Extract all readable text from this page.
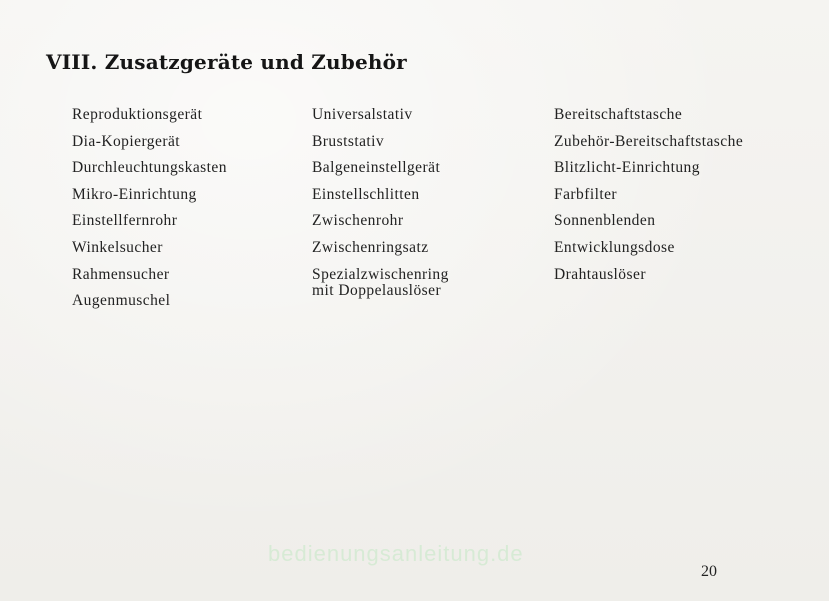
VIII. Zusatzgeräte und Zubehör
Reproduktionsgerät
Dia-Kopiergerät
Durchleuchtungskasten
Mikro-Einrichtung
Einstellfernrohr
Winkelsucher
Rahmensucher
Augenmuschel
Universalstativ
Bruststativ
Balgeneinstellgerät
Einstellschlitten
Zwischenrohr
Zwischenringsatz
Spezialzwischenring
mit Doppelauslöser
Bereitschaftstasche
Zubehör-Bereitschaftstasche
Blitzlicht-Einrichtung
Farbfilter
Sonnenblenden
Entwicklungsdose
Drahtauslöser
bedienungsanleitung.de
20
